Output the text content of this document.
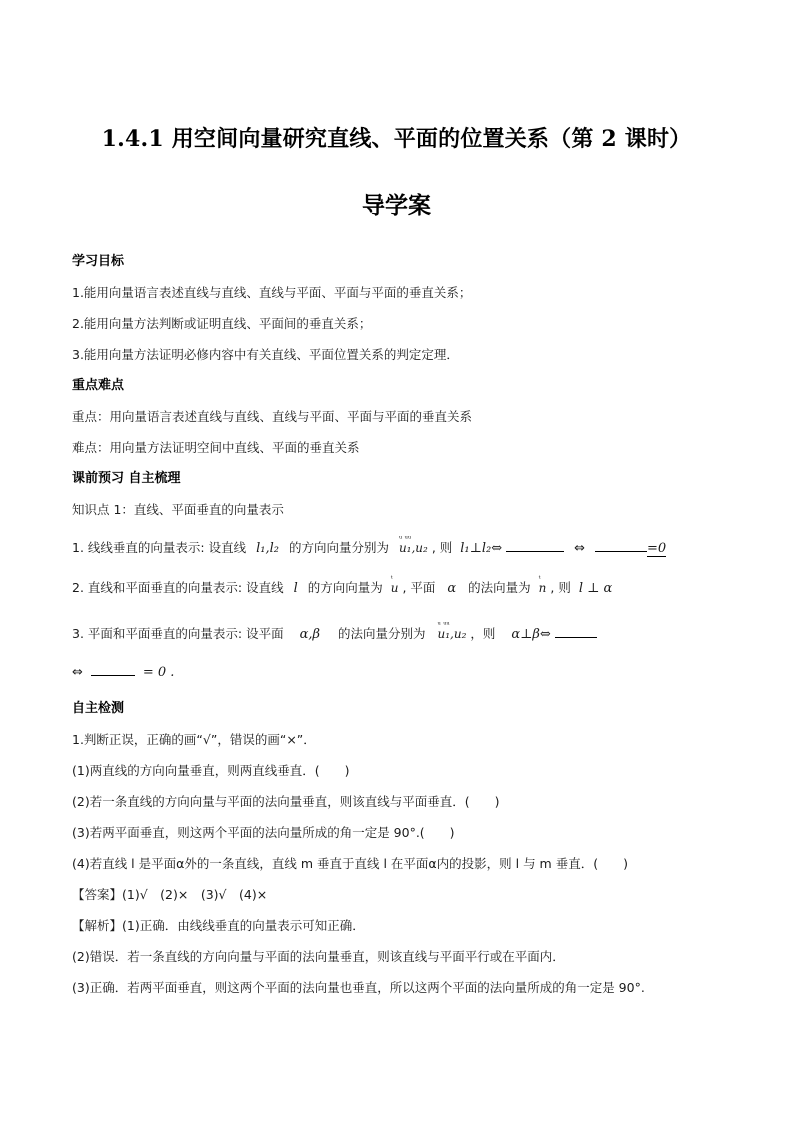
1.4.1 用空间向量研究直线、平面的位置关系（第 2 课时）
导学案
学习目标
1.能用向量语言表述直线与直线、直线与平面、平面与平面的垂直关系；
2.能用向量方法判断或证明直线、平面间的垂直关系；
3.能用向量方法证明必修内容中有关直线、平面位置关系的判定定理．
重点难点
重点：用向量语言表述直线与直线、直线与平面、平面与平面的垂直关系
难点：用向量方法证明空间中直线、平面的垂直关系
课前预习 自主梳理
知识点 1：直线、平面垂直的向量表示
1. 线线垂直的向量表示: 设直线 l₁,l₂ 的方向向量分别为
ᵘ ᵘᵘ
u₁,u₂ , 则 l₁⊥l₂⇔	⇔	=0
2. 直线和平面垂直的向量表示: 设直线 l 的方向向量为
ᵗ
u , 平面 α 的法向量为
ᵗ
n , 则 l ⊥ α
3. 平面和平面垂直的向量表示: 设平面 α,β 的法向量分别为
ᵘ ᵘᵘ
u₁,u₂ ，则 α⊥β⇔
⇔	= 0 .
自主检测
1.判断正误，正确的画“√”，错误的画“×”．
(1)两直线的方向向量垂直，则两直线垂直．(　　)
(2)若一条直线的方向向量与平面的法向量垂直，则该直线与平面垂直．(　　)
(3)若两平面垂直，则这两个平面的法向量所成的角一定是 90°.(　　)
(4)若直线 l 是平面α外的一条直线，直线 m 垂直于直线 l 在平面α内的投影，则 l 与 m 垂直．(　　)
【答案】(1)√　(2)×　(3)√　(4)×
【解析】(1)正确．由线线垂直的向量表示可知正确．
(2)错误．若一条直线的方向向量与平面的法向量垂直，则该直线与平面平行或在平面内．
(3)正确．若两平面垂直，则这两个平面的法向量也垂直，所以这两个平面的法向量所成的角一定是 90°.
